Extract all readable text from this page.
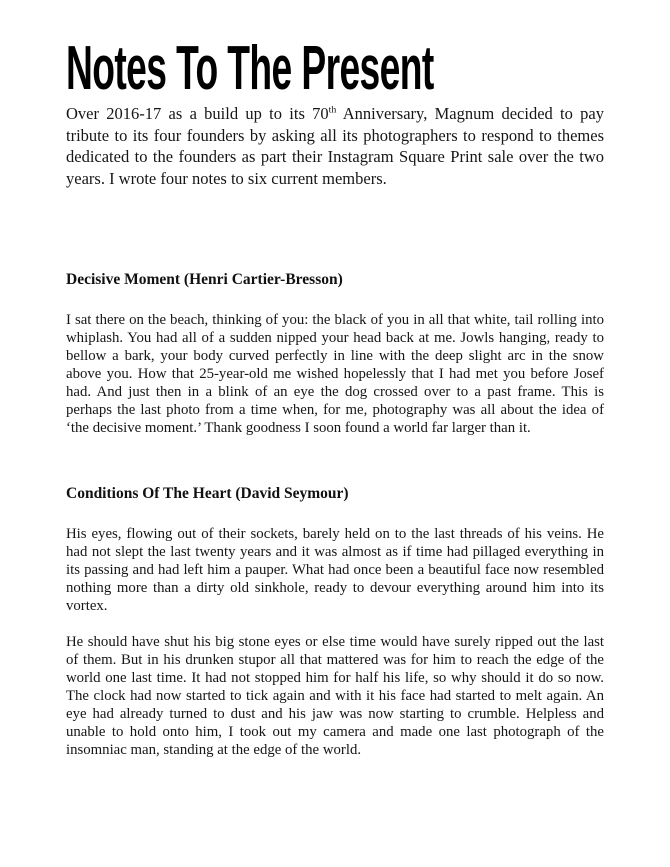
Notes To The Present

Over 2016-17 as a build up to its 70th Anniversary, Magnum decided to pay tribute to its four founders by asking all its photographers to respond to themes dedicated to the founders as part their Instagram Square Print sale over the two years. I wrote four notes to six current members.

Decisive Moment (Henri Cartier-Bresson)

I sat there on the beach, thinking of you: the black of you in all that white, tail rolling into whiplash. You had all of a sudden nipped your head back at me. Jowls hanging, ready to bellow a bark, your body curved perfectly in line with the deep slight arc in the snow above you. How that 25-year-old me wished hopelessly that I had met you before Josef had. And just then in a blink of an eye the dog crossed over to a past frame. This is perhaps the last photo from a time when, for me, photography was all about the idea of ‘the decisive moment.’ Thank goodness I soon found a world far larger than it.

Conditions Of The Heart (David Seymour)

His eyes, flowing out of their sockets, barely held on to the last threads of his veins. He had not slept the last twenty years and it was almost as if time had pillaged everything in its passing and had left him a pauper. What had once been a beautiful face now resembled nothing more than a dirty old sinkhole, ready to devour everything around him into its vortex.

He should have shut his big stone eyes or else time would have surely ripped out the last of them. But in his drunken stupor all that mattered was for him to reach the edge of the world one last time. It had not stopped him for half his life, so why should it do so now. The clock had now started to tick again and with it his face had started to melt again. An eye had already turned to dust and his jaw was now starting to crumble. Helpless and unable to hold onto him, I took out my camera and made one last photograph of the insomniac man, standing at the edge of the world.
